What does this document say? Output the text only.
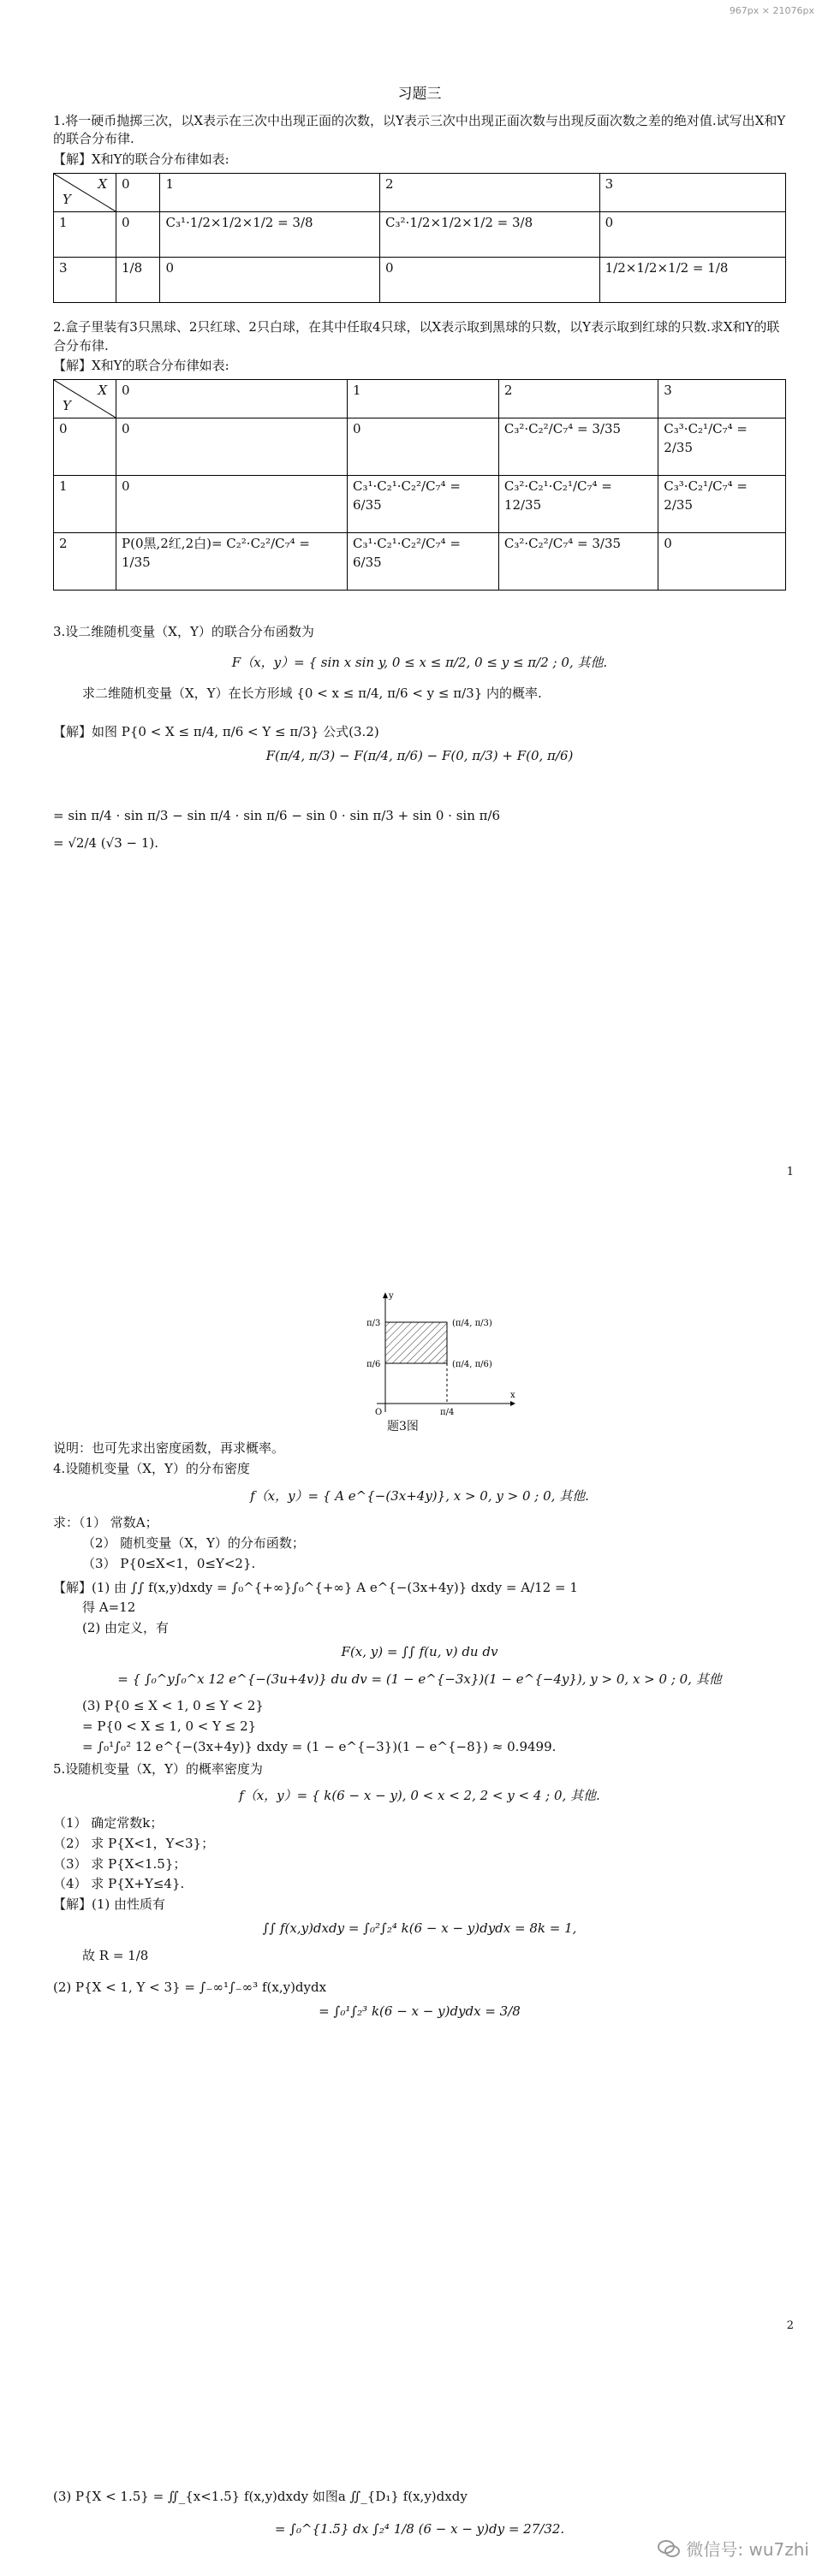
967px × 21076px
习题三
1.将一硬币抛掷三次，以X表示在三次中出现正面的次数，以Y表示三次中出现正面次数与出现反面次数之差的绝对值.试写出X和Y的联合分布律.
【解】X和Y的联合分布律如表:
X
Y	0	1	2	3
1	0	C₃¹·1/2×1/2×1/2 = 3/8	C₃²·1/2×1/2×1/2 = 3/8	0
3	1/8	0	0	1/2×1/2×1/2 = 1/8
2.盒子里装有3只黑球、2只红球、2只白球，在其中任取4只球，以X表示取到黑球的只数，以Y表示取到红球的只数.求X和Y的联合分布律.
【解】X和Y的联合分布律如表:
X
Y	0	1	2	3
0	0	0	C₃²·C₂²/C₇⁴ = 3/35	C₃³·C₂¹/C₇⁴ = 2/35
1	0	C₃¹·C₂¹·C₂²/C₇⁴ = 6/35	C₃²·C₂¹·C₂¹/C₇⁴ = 12/35	C₃³·C₂¹/C₇⁴ = 2/35
2	P(0黑,2红,2白)= C₂²·C₂²/C₇⁴ = 1/35	C₃¹·C₂¹·C₂²/C₇⁴ = 6/35	C₃²·C₂²/C₇⁴ = 3/35	0
3.设二维随机变量（X，Y）的联合分布函数为
F（x，y）= { sin x sin y, 0 ≤ x ≤ π/2, 0 ≤ y ≤ π/2 ; 0, 其他.
求二维随机变量（X，Y）在长方形域 {0 < x ≤ π/4, π/6 < y ≤ π/3} 内的概率.
【解】如图 P{0 < X ≤ π/4, π/6 < Y ≤ π/3} 公式(3.2)
F(π/4, π/3) − F(π/4, π/6) − F(0, π/3) + F(0, π/6)
= sin π/4 · sin π/3 − sin π/4 · sin π/6 − sin 0 · sin π/3 + sin 0 · sin π/6
= √2/4 (√3 − 1).
1
(π/4, π/3)
(π/4, π/6)
π/3
π/6
π/4
O
x
y
题3图
说明：也可先求出密度函数，再求概率。
4.设随机变量（X，Y）的分布密度
f（x，y）= { A e^{−(3x+4y)}, x > 0, y > 0 ; 0, 其他.
求：（1） 常数A；
（2） 随机变量（X，Y）的分布函数；
（3） P{0≤X<1，0≤Y<2}.
【解】(1) 由 ∫∫ f(x,y)dxdy = ∫₀^{+∞}∫₀^{+∞} A e^{−(3x+4y)} dxdy = A/12 = 1
得 A=12
(2) 由定义，有
F(x, y) = ∫∫ f(u, v) du dv
= { ∫₀^y∫₀^x 12 e^{−(3u+4v)} du dv = (1 − e^{−3x})(1 − e^{−4y}), y > 0, x > 0 ; 0, 其他
(3) P{0 ≤ X < 1, 0 ≤ Y < 2}
= P{0 < X ≤ 1, 0 < Y ≤ 2}
= ∫₀¹∫₀² 12 e^{−(3x+4y)} dxdy = (1 − e^{−3})(1 − e^{−8}) ≈ 0.9499.
5.设随机变量（X，Y）的概率密度为
f（x，y）= { k(6 − x − y), 0 < x < 2, 2 < y < 4 ; 0, 其他.
（1） 确定常数k；
（2） 求 P{X<1，Y<3}；
（3） 求 P{X<1.5}；
（4） 求 P{X+Y≤4}.
【解】(1) 由性质有
∫∫ f(x,y)dxdy = ∫₀²∫₂⁴ k(6 − x − y)dydx = 8k = 1,
故 R = 1/8
(2) P{X < 1, Y < 3} = ∫₋∞¹∫₋∞³ f(x,y)dydx
= ∫₀¹∫₂³ k(6 − x − y)dydx = 3/8
2
(3) P{X < 1.5} = ∬_{x<1.5} f(x,y)dxdy 如图a ∬_{D₁} f(x,y)dxdy
= ∫₀^{1.5} dx ∫₂⁴ 1/8 (6 − x − y)dy = 27/32.
微信号: wu7zhi
